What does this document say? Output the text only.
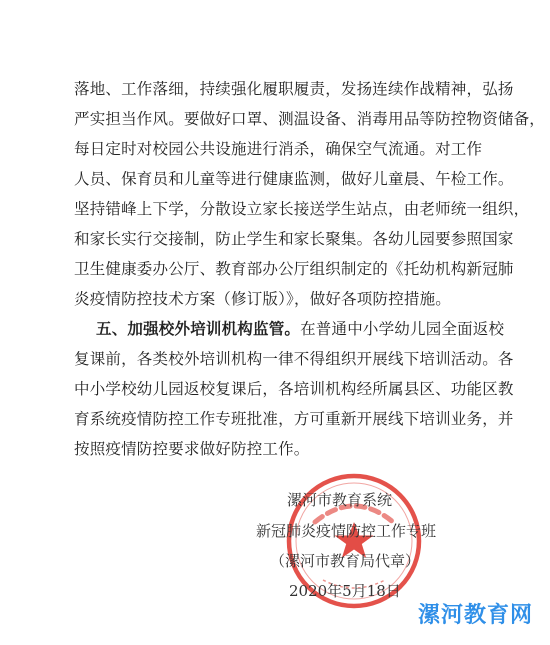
落地、工作落细，持续强化履职履责，发扬连续作战精神，弘扬
严实担当作风。要做好口罩、测温设备、消毒用品等防控物资储备，
每日定时对校园公共设施进行消杀，确保空气流通。对工作
人员、保育员和儿童等进行健康监测，做好儿童晨、午检工作。
坚持错峰上下学，分散设立家长接送学生站点，由老师统一组织，
和家长实行交接制，防止学生和家长聚集。各幼儿园要参照国家
卫生健康委办公厅、教育部办公厅组织制定的《托幼机构新冠肺
炎疫情防控技术方案（修订版）》，做好各项防控措施。
五、加强校外培训机构监管。在普通中小学幼儿园全面返校
复课前，各类校外培训机构一律不得组织开展线下培训活动。各
中小学校幼儿园返校复课后，各培训机构经所属县区、功能区教
育系统疫情防控工作专班批准，方可重新开展线下培训业务，并
按照疫情防控要求做好防控工作。
漯河市教育系统
新冠肺炎疫情防控工作专班
（漯河市教育局代章）
2020年5月18日
漯河教育网
